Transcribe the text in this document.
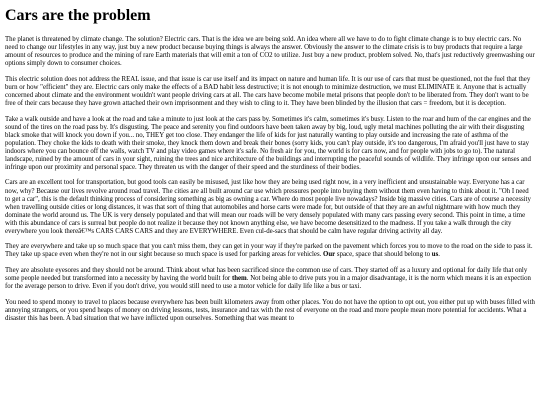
Cars are the problem

The planet is threatened by climate change. The solution? Electric cars. That is the idea we are being sold. An idea where all we have to do to fight climate change is to buy electric cars. No need to change our lifestyles in any way, just buy a new product because buying things is always the answer. Obviously the answer to the climate crisis is to buy products that require a large amount of resources to produce and the mining of rare Earth materials that will emit a ton of CO2 to utilize. Just buy a new product, problem solved. No, that's just reductively greenwashing our options simply down to consumer choices.

This electric solution does not address the REAL issue, and that issue is car use itself and its impact on nature and human life. It is our use of cars that must be questioned, not the fuel that they burn or how "efficient" they are. Electric cars only make the effects of a BAD habit less destructive; it is not enough to minimize destruction, we must ELIMINATE it. Anyone that is actually concerned about climate and the environment wouldn't want people driving cars at all. The cars have become mobile metal prisons that people don't to be liberated from. They don't want to be free of their cars because they have grown attached their own imprisonment and they wish to cling to it. They have been blinded by the illusion that cars = freedom, but it is deception.

Take a walk outside and have a look at the road and take a minute to just look at the cars pass by. Sometimes it's calm, sometimes it's busy. Listen to the roar and hum of the car engines and the sound of the tires on the road pass by. It's disgusting. The peace and serenity you find outdoors have been taken away by big, loud, ugly metal machines polluting the air with their disgusting black smoke that will knock you down if you... no, THEY get too close. They endanger the life of kids for just naturally wanting to play outside and increasing the rate of asthma of the population. They choke the kids to death with their smoke, they knock them down and break their bones (sorry kids, you can't play outside, it's too dangerous, I'm afraid you'll just have to stay indoors where you can bounce off the walls, watch TV and play video games where it's safe. No fresh air for you, the world is for cars now, and for people with jobs to go to). The natural landscape, ruined by the amount of cars in your sight, ruining the trees and nice architecture of the buildings and interrupting the peaceful sounds of wildlife. They infringe upon our senses and infringe upon our proximity and personal space. They threaten us with the danger of their speed and the sturdiness of their bodies.

Cars are an excellent tool for transportation, but good tools can easily be misused, just like how they are being used right now, in a very inefficient and unsustainable way. Everyone has a car now, why? Because our lives revolve around road travel. The cities are all built around car use which pressures people into buying them without them even having to think about it. "Oh I need to get a car", this is the default thinking process of considering something as big as owning a car. Where do most people live nowadays? Inside big massive cities. Cars are of course a necessity when travelling outside cities or long distances, it was that sort of thing that automobiles and horse carts were made for, but outside of that they are an awful nightmare with how much they dominate the world around us. The UK is very densely populated and that will mean our roads will be very densely populated with many cars passing every second. This point in time, a time with this abundance of cars is surreal but people do not realize it because they not known anything else, we have become desensitized to the madness. If you take a walk through the city everywhere you look thereâ€™s CARS CARS CARS and they are EVERYWHERE. Even cul-de-sacs that should be calm have regular driving activity all day.

They are everywhere and take up so much space that you can't miss them, they can get in your way if they're parked on the pavement which forces you to move to the road on the side to pass it. They take up space even when they're not in our sight because so much space is used for parking areas for vehicles. Our space, space that should belong to us.

They are absolute eyesores and they should not be around. Think about what has been sacrificed since the common use of cars. They started off as a luxury and optional for daily life that only some people needed but transformed into a necessity by having the world built for them. Not being able to drive puts you in a major disadvantage, it is the norm which means it is an expection for the average person to drive. Even if you don't drive, you would still need to use a motor vehicle for daily life like a bus or taxi.

You need to spend money to travel to places because everywhere has been built kilometers away from other places. You do not have the option to opt out, you either put up with buses filled with annoying strangers, or you spend heaps of money on driving lessons, tests, insurance and tax with the rest of everyone on the road and more people mean more potential for accidents. What a disaster this has been. A bad situation that we have inflicted upon ourselves. Something that was meant to
